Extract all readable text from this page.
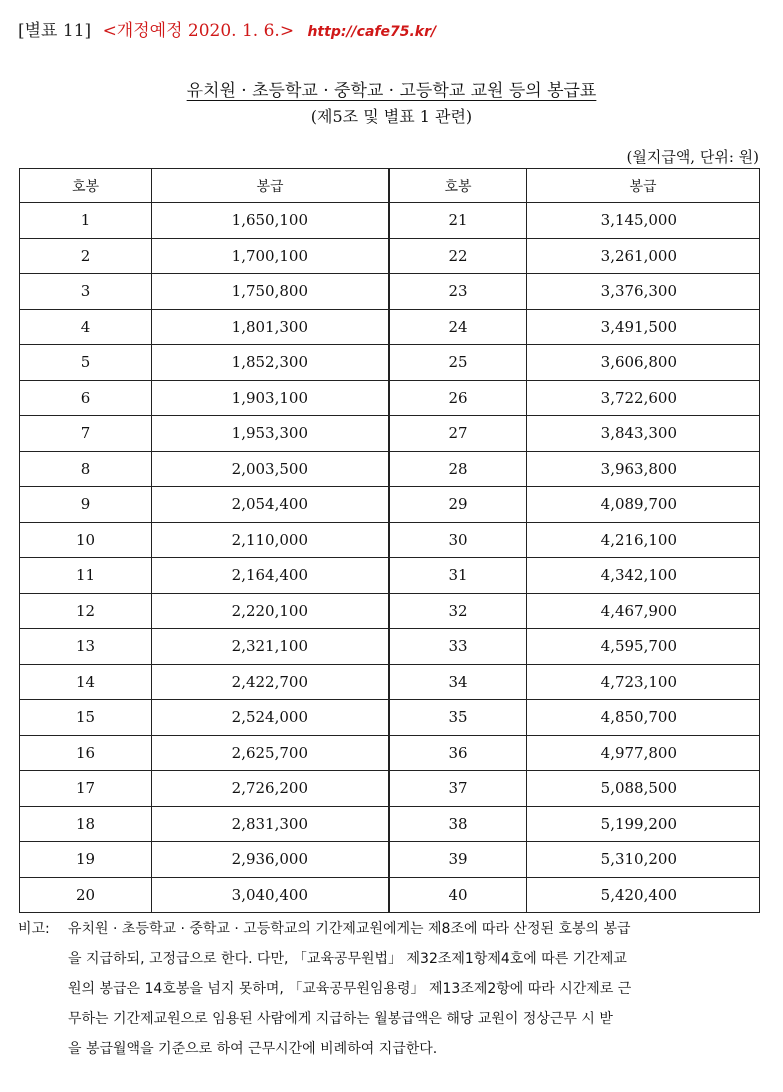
[별표 11] <개정예정 2020. 1. 6.> http://cafe75.kr/
유치원 · 초등학교 · 중학교 · 고등학교 교원 등의 봉급표
(제5조 및 별표 1 관련)
(월지급액, 단위: 원)
호봉	봉급	호봉	봉급
1	1,650,100	21	3,145,000
2	1,700,100	22	3,261,000
3	1,750,800	23	3,376,300
4	1,801,300	24	3,491,500
5	1,852,300	25	3,606,800
6	1,903,100	26	3,722,600
7	1,953,300	27	3,843,300
8	2,003,500	28	3,963,800
9	2,054,400	29	4,089,700
10	2,110,000	30	4,216,100
11	2,164,400	31	4,342,100
12	2,220,100	32	4,467,900
13	2,321,100	33	4,595,700
14	2,422,700	34	4,723,100
15	2,524,000	35	4,850,700
16	2,625,700	36	4,977,800
17	2,726,200	37	5,088,500
18	2,831,300	38	5,199,200
19	2,936,000	39	5,310,200
20	3,040,400	40	5,420,400
비고: 유치원 · 초등학교 · 중학교 · 고등학교의 기간제교원에게는 제8조에 따라 산정된 호봉의 봉급
을 지급하되, 고정급으로 한다. 다만, 「교육공무원법」 제32조제1항제4호에 따른 기간제교
원의 봉급은 14호봉을 넘지 못하며, 「교육공무원임용령」 제13조제2항에 따라 시간제로 근
무하는 기간제교원으로 임용된 사람에게 지급하는 월봉급액은 해당 교원이 정상근무 시 받
을 봉급월액을 기준으로 하여 근무시간에 비례하여 지급한다.
